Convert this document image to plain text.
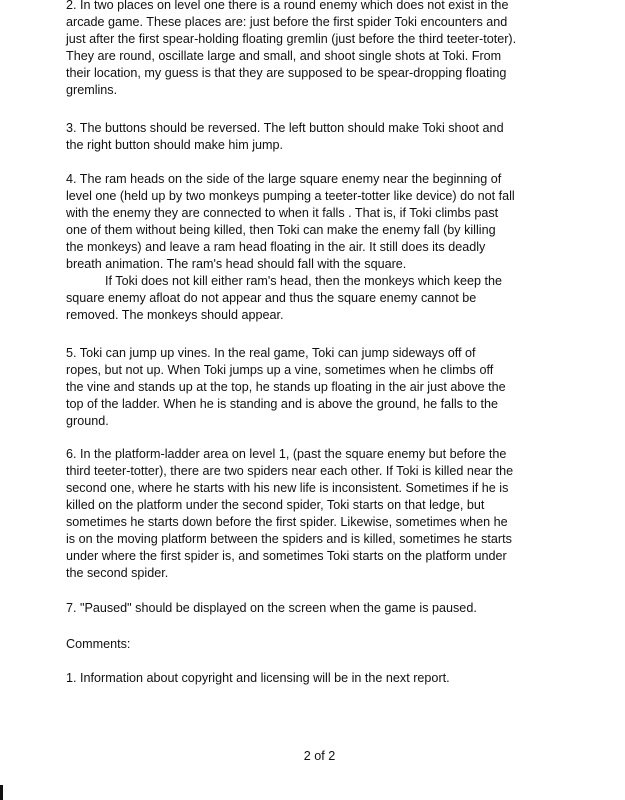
2. In two places on level one there is a round enemy which does not exist in the
arcade game. These places are: just before the first spider Toki encounters and
just after the first spear-holding floating gremlin (just before the third teeter-toter).
They are round, oscillate large and small, and shoot single shots at Toki. From
their location, my guess is that they are supposed to be spear-dropping floating
gremlins.
3. The buttons should be reversed. The left button should make Toki shoot and
the right button should make him jump.
4. The ram heads on the side of the large square enemy near the beginning of
level one (held up by two monkeys pumping a teeter-totter like device) do not fall
with the enemy they are connected to when it falls . That is, if Toki climbs past
one of them without being killed, then Toki can make the enemy fall (by killing
the monkeys) and leave a ram head floating in the air. It still does its deadly
breath animation. The ram's head should fall with the square.
If Toki does not kill either ram's head, then the monkeys which keep the
square enemy afloat do not appear and thus the square enemy cannot be
removed. The monkeys should appear.
5. Toki can jump up vines. In the real game, Toki can jump sideways off of
ropes, but not up. When Toki jumps up a vine, sometimes when he climbs off
the vine and stands up at the top, he stands up floating in the air just above the
top of the ladder. When he is standing and is above the ground, he falls to the
ground.
6. In the platform-ladder area on level 1, (past the square enemy but before the
third teeter-totter), there are two spiders near each other. If Toki is killed near the
second one, where he starts with his new life is inconsistent. Sometimes if he is
killed on the platform under the second spider, Toki starts on that ledge, but
sometimes he starts down before the first spider. Likewise, sometimes when he
is on the moving platform between the spiders and is killed, sometimes he starts
under where the first spider is, and sometimes Toki starts on the platform under
the second spider.
7. "Paused" should be displayed on the screen when the game is paused.
Comments:
1. Information about copyright and licensing will be in the next report.
2 of 2
